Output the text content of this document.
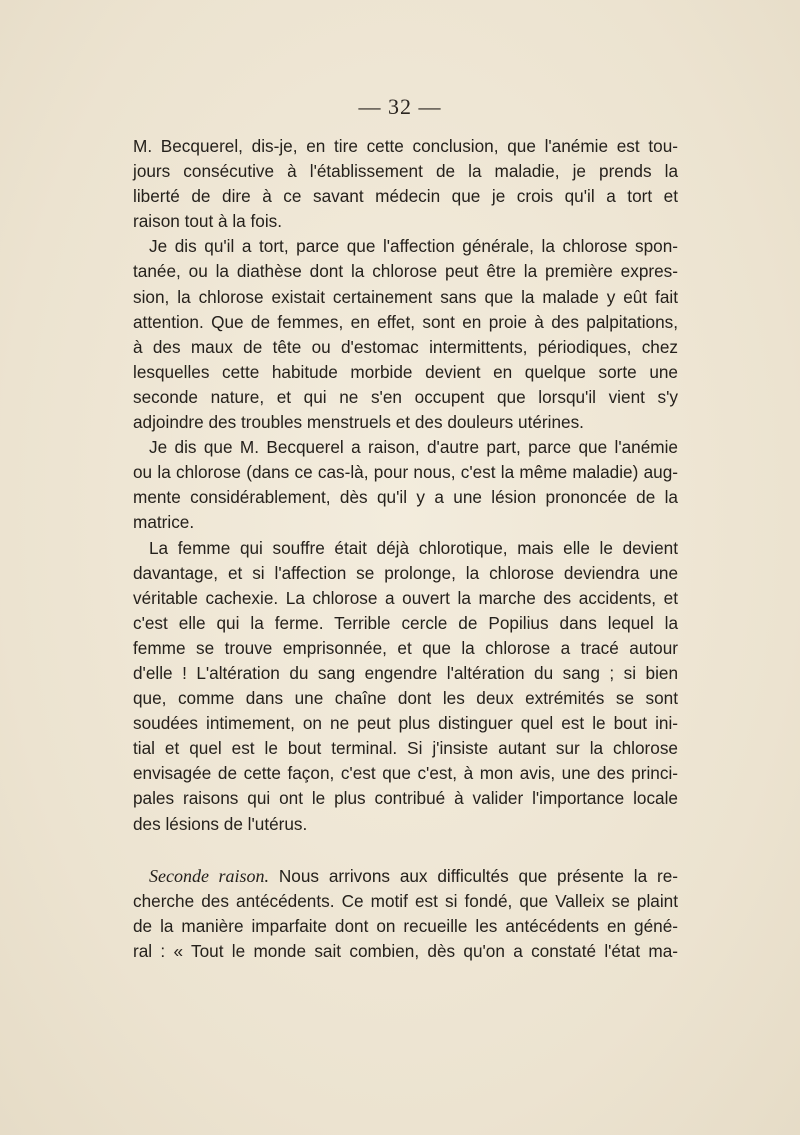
— 32 —
M. Becquerel, dis-je, en tire cette conclusion, que l'anémie est tou-
jours consécutive à l'établissement de la maladie, je prends la
liberté de dire à ce savant médecin que je crois qu'il a tort et
raison tout à la fois.
Je dis qu'il a tort, parce que l'affection générale, la chlorose spon-
tanée, ou la diathèse dont la chlorose peut être la première expres-
sion, la chlorose existait certainement sans que la malade y eût fait
attention. Que de femmes, en effet, sont en proie à des palpitations,
à des maux de tête ou d'estomac intermittents, périodiques, chez
lesquelles cette habitude morbide devient en quelque sorte une
seconde nature, et qui ne s'en occupent que lorsqu'il vient s'y
adjoindre des troubles menstruels et des douleurs utérines.
Je dis que M. Becquerel a raison, d'autre part, parce que l'anémie
ou la chlorose (dans ce cas-là, pour nous, c'est la même maladie) aug-
mente considérablement, dès qu'il y a une lésion prononcée de la
matrice.
La femme qui souffre était déjà chlorotique, mais elle le devient
davantage, et si l'affection se prolonge, la chlorose deviendra une
véritable cachexie. La chlorose a ouvert la marche des accidents, et
c'est elle qui la ferme. Terrible cercle de Popilius dans lequel la
femme se trouve emprisonnée, et que la chlorose a tracé autour
d'elle ! L'altération du sang engendre l'altération du sang ; si bien
que, comme dans une chaîne dont les deux extrémités se sont
soudées intimement, on ne peut plus distinguer quel est le bout ini-
tial et quel est le bout terminal. Si j'insiste autant sur la chlorose
envisagée de cette façon, c'est que c'est, à mon avis, une des princi-
pales raisons qui ont le plus contribué à valider l'importance locale
des lésions de l'utérus.
Seconde raison. Nous arrivons aux difficultés que présente la re-
cherche des antécédents. Ce motif est si fondé, que Valleix se plaint
de la manière imparfaite dont on recueille les antécédents en géné-
ral : « Tout le monde sait combien, dès qu'on a constaté l'état ma-
